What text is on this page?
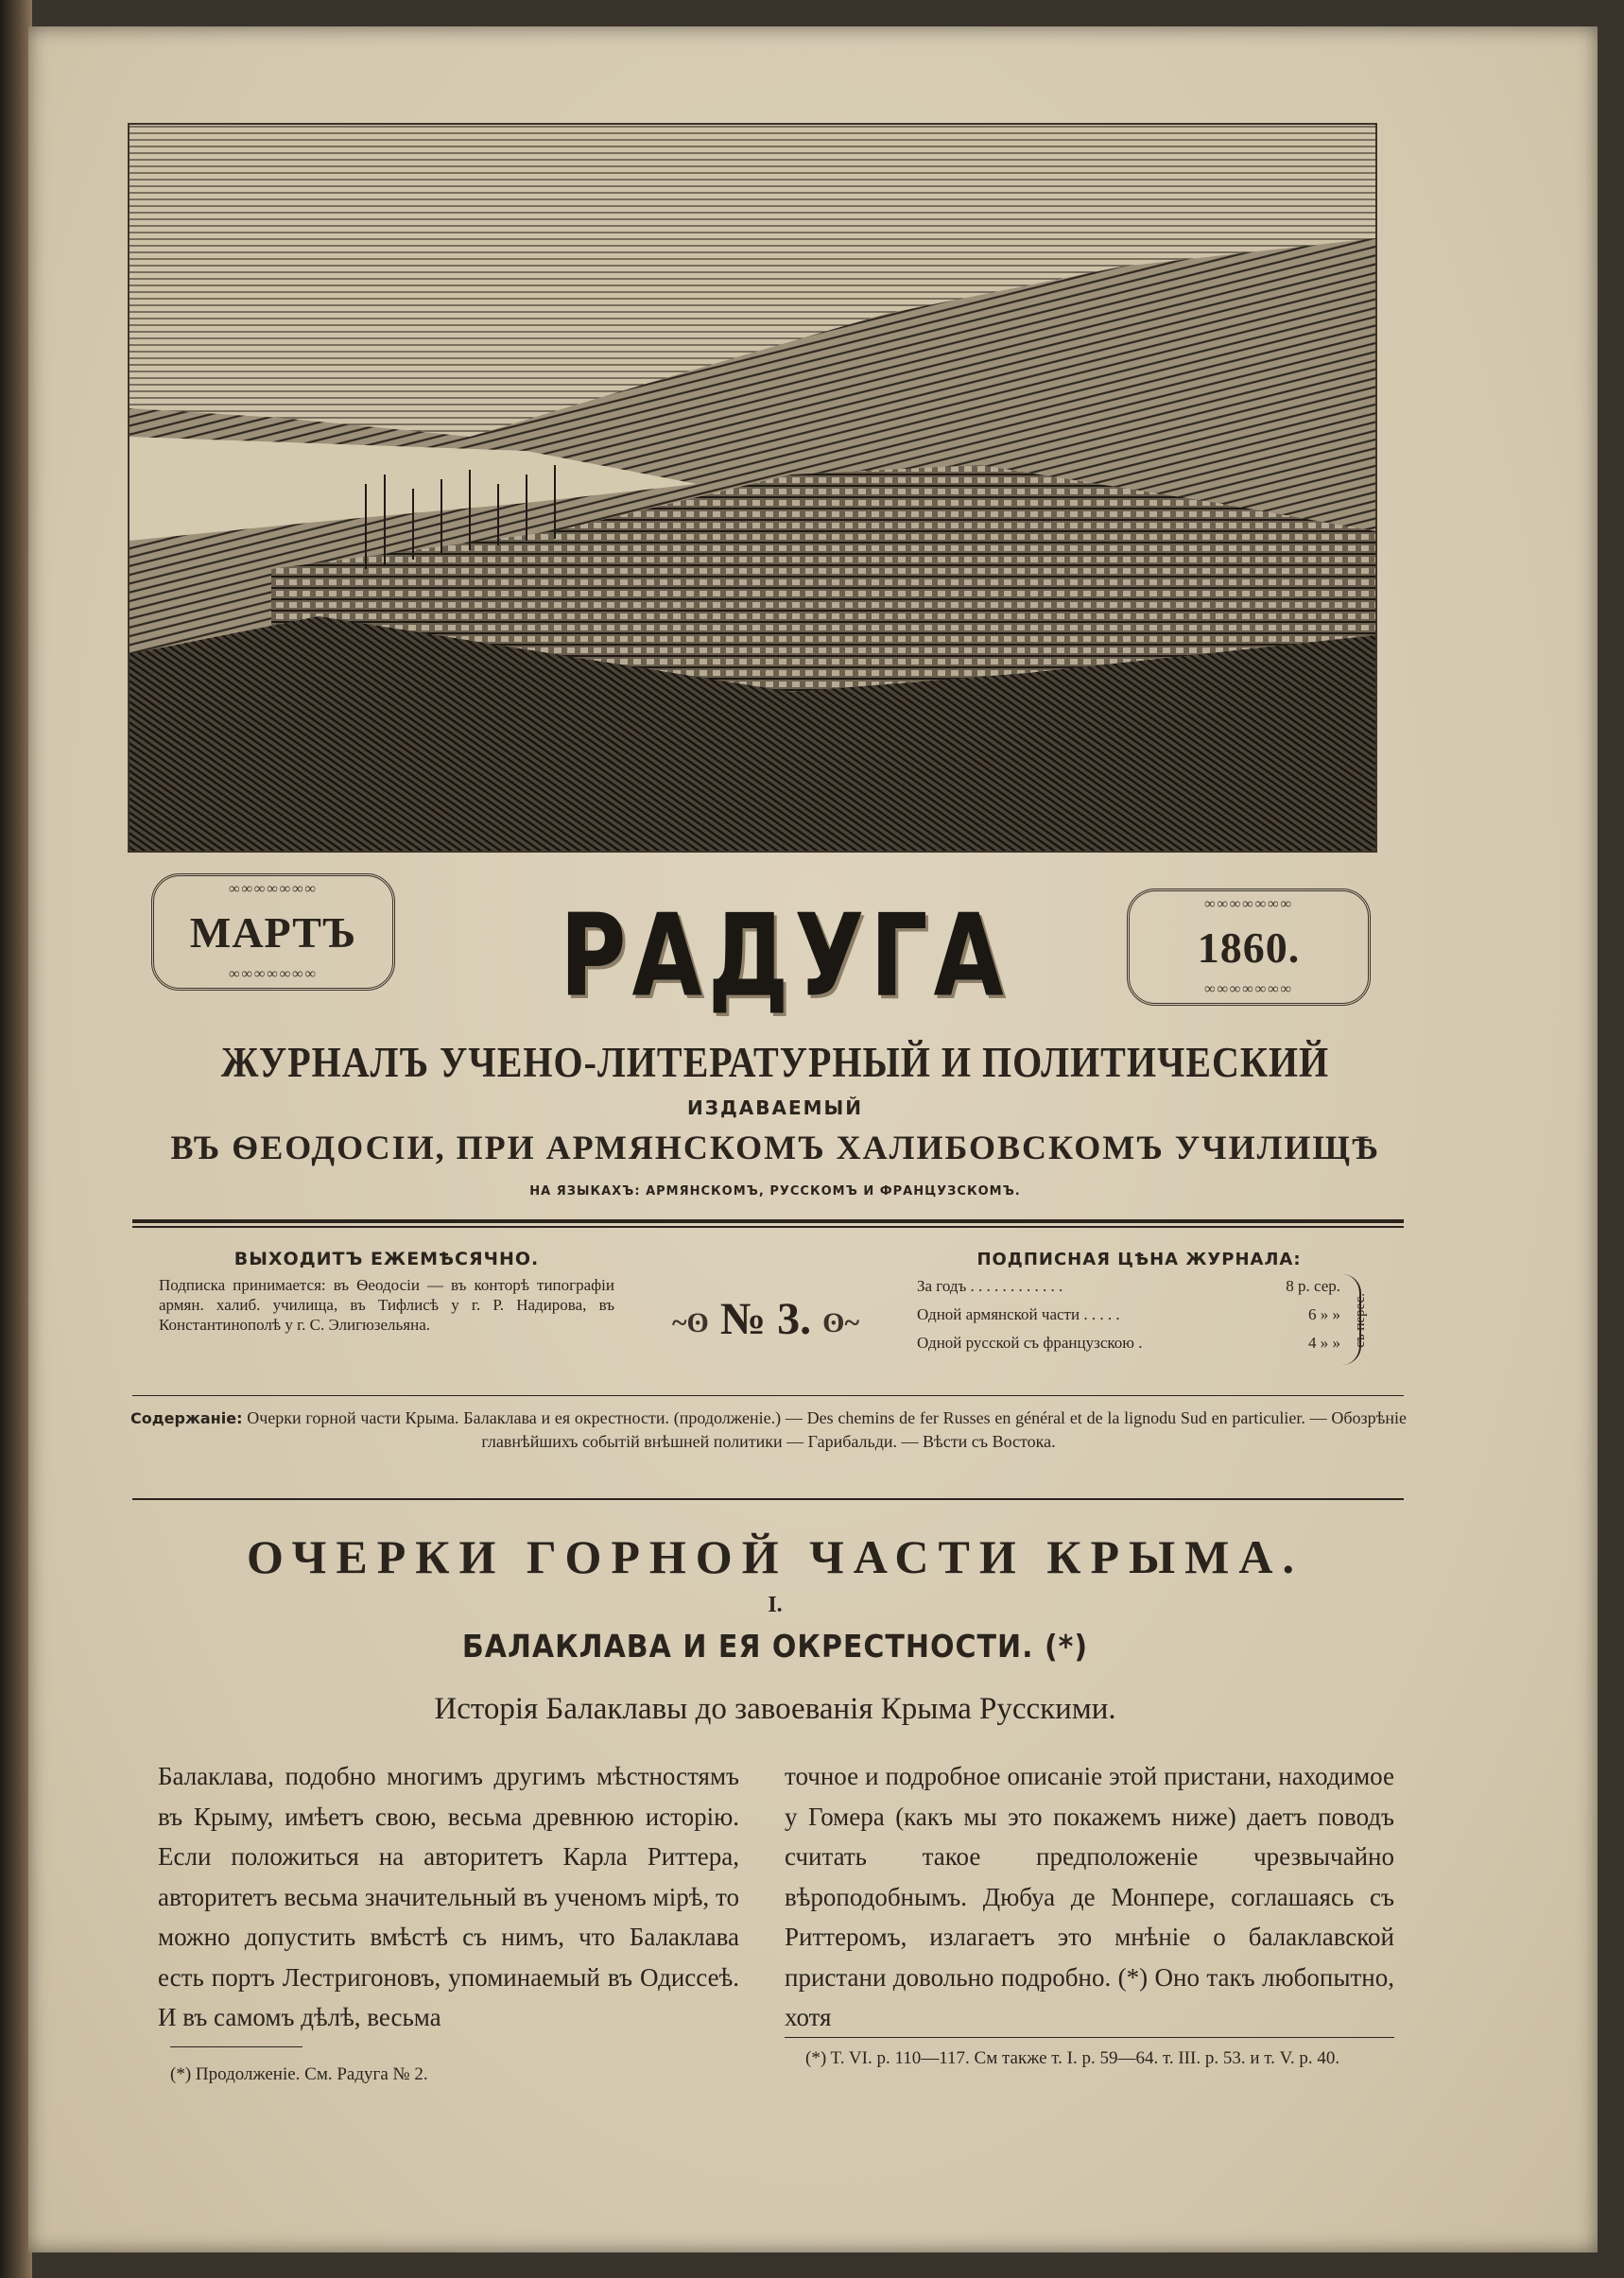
∞∞∞∞∞∞∞ МАРТЪ
∞∞∞∞∞∞∞
∞∞∞∞∞∞∞	1860.
∞∞∞∞∞∞∞
РАДУГА
ЖУРНАЛЪ УЧЕНО-ЛИТЕРАТУРНЫЙ И ПОЛИТИЧЕСКИЙ
ИЗДАВАЕМЫЙ
ВЪ ѲЕОДОСІИ, ПРИ АРМЯНСКОМЪ ХАЛИБОВСКОМЪ УЧИЛИЩѢ
НА ЯЗЫКАХЪ: АРМЯНСКОМЪ, РУССКОМЪ И ФРАНЦУЗСКОМЪ.
ВЫХОДИТЪ ЕЖЕМѢСЯЧНО.
Подписка принимается: въ Ѳеодосіи — въ конторѣ типографіи армян. халиб. училища, въ Тифлисѣ у г. Р. Надирова, въ Константинополѣ у г. С. Элигюзельяна.	~ʘ № 3. ʘ~
ПОДПИСНАЯ ЦѢНА ЖУРНАЛА:
За годъ . . . . . . . . . . . .	8 р. сер.
Одной армянской части . . . . .	6 » »
Одной русской съ французскою .	4 » » съ перес.
Содержаніе: Очерки горной части Крыма. Балаклава и ея окрестности. (продолженіе.) — Des chemins de fer Russes en général et de la lignodu Sud en particulier. — Обозрѣніе главнѣйшихъ событій внѣшней политики — Гарибальди. — Вѣсти съ Востока.
ОЧЕРКИ ГОРНОЙ ЧАСТИ КРЫМА.
I.
БАЛАКЛАВА И ЕЯ ОКРЕСТНОСТИ. (*)
Исторія Балаклавы до завоеванія Крыма Русскими.
Балаклава, подобно многимъ другимъ мѣстностямъ въ Крыму, имѣетъ свою, весьма древнюю исторію. Если положиться на авторитетъ Карла Риттера, авторитетъ весьма значительный въ ученомъ мірѣ, то можно допустить вмѣстѣ съ нимъ, что Балаклава есть портъ Лестригоновъ, упоминаемый въ Одиссеѣ. И въ самомъ дѣлѣ, весьма
точное и подробное описаніе этой пристани, находимое у Гомера (какъ мы это покажемъ ниже) даетъ поводъ считать такое предположеніе чрезвычайно вѣроподобнымъ. Дюбуа де Монпере, соглашаясь съ Риттеромъ, излагаетъ это мнѣніе о балаклавской пристани довольно подробно. (*) Оно такъ любопытно, хотя
(*) Продолженіе. См. Радуга № 2.
(*) T. VI. p. 110—117. См также т. I. p. 59—64. т. III. p. 53. и т. V. p. 40.
